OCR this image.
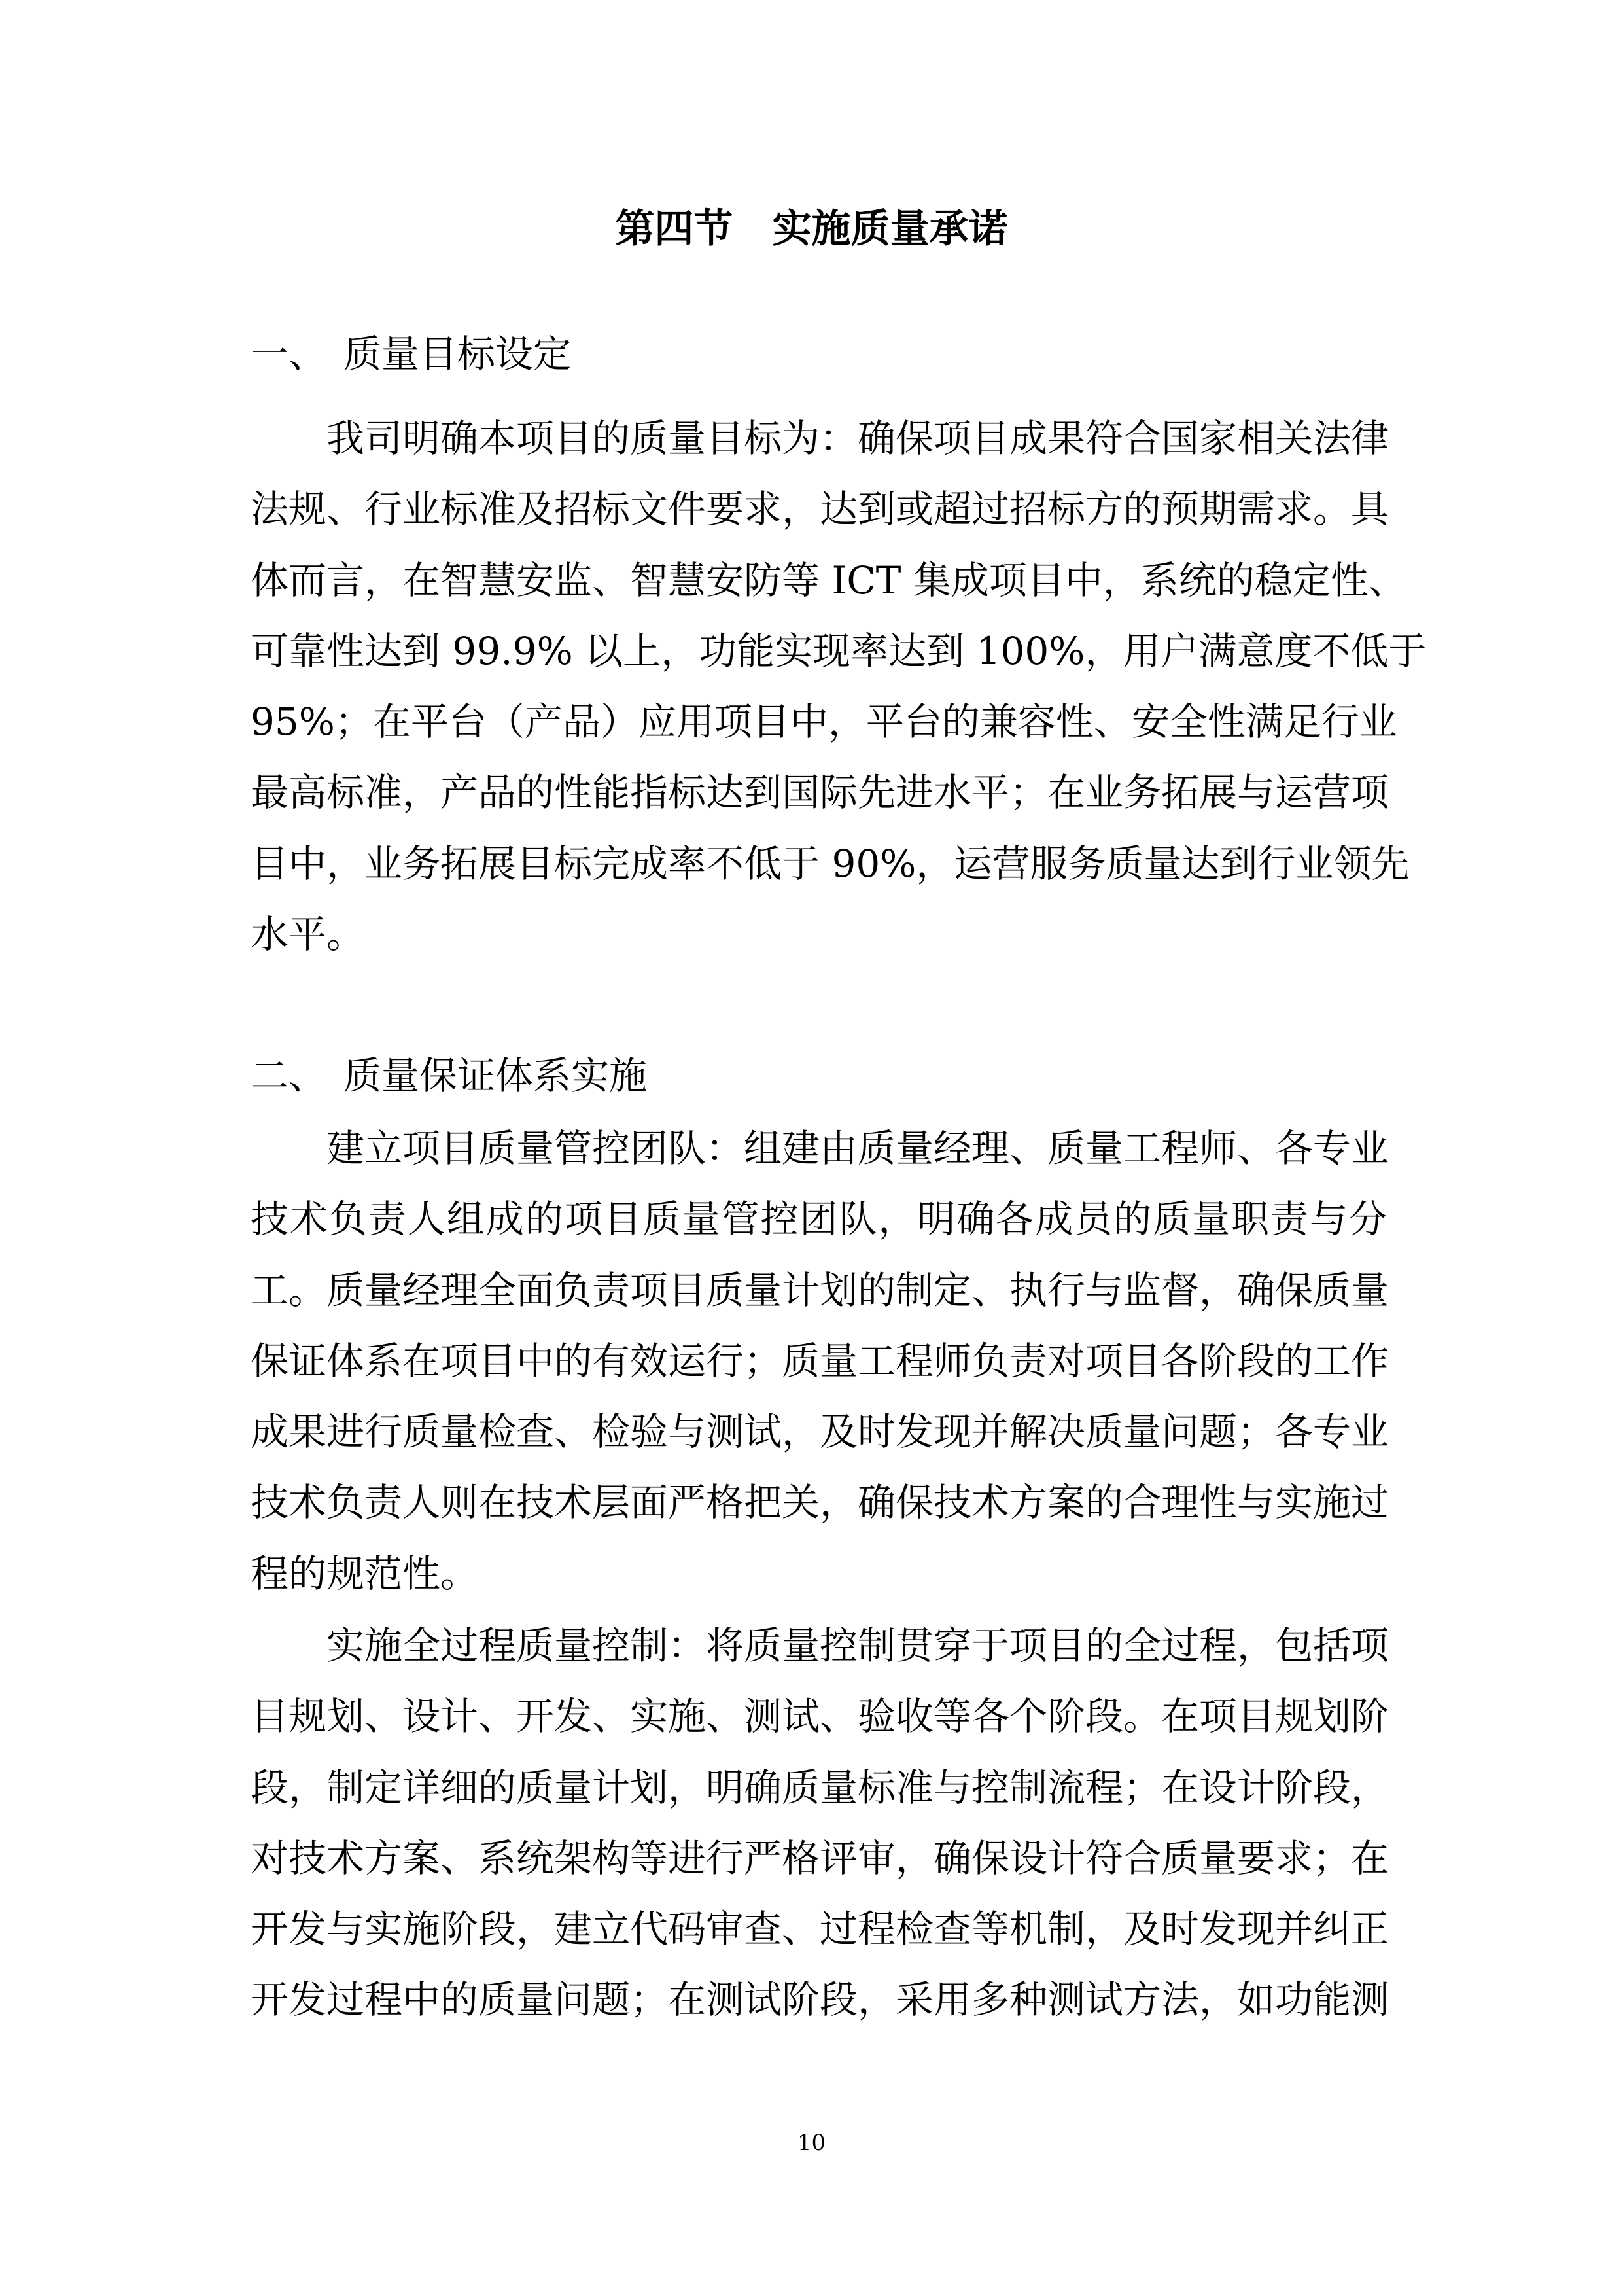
第四节　实施质量承诺
一、 质量目标设定
我司明确本项目的质量目标为：确保项目成果符合国家相关法律
法规、行业标准及招标文件要求，达到或超过招标方的预期需求。具
体而言，在智慧安监、智慧安防等 ICT 集成项目中，系统的稳定性、
可靠性达到 99.9% 以上，功能实现率达到 100%，用户满意度不低于
95%；在平台（产品）应用项目中，平台的兼容性、安全性满足行业
最高标准，产品的性能指标达到国际先进水平；在业务拓展与运营项
目中，业务拓展目标完成率不低于 90%，运营服务质量达到行业领先
水平。
二、 质量保证体系实施
建立项目质量管控团队：组建由质量经理、质量工程师、各专业
技术负责人组成的项目质量管控团队，明确各成员的质量职责与分
工。质量经理全面负责项目质量计划的制定、执行与监督，确保质量
保证体系在项目中的有效运行；质量工程师负责对项目各阶段的工作
成果进行质量检查、检验与测试，及时发现并解决质量问题；各专业
技术负责人则在技术层面严格把关，确保技术方案的合理性与实施过
程的规范性。
实施全过程质量控制：将质量控制贯穿于项目的全过程，包括项
目规划、设计、开发、实施、测试、验收等各个阶段。在项目规划阶
段，制定详细的质量计划，明确质量标准与控制流程；在设计阶段，
对技术方案、系统架构等进行严格评审，确保设计符合质量要求；在
开发与实施阶段，建立代码审查、过程检查等机制，及时发现并纠正
开发过程中的质量问题；在测试阶段，采用多种测试方法，如功能测
10
